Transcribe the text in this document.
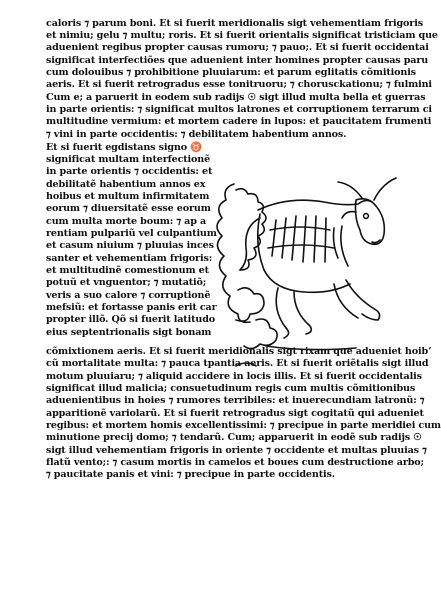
caloris ⁊ parum boni. Et si fuerit meridionalis sigt vehementiam frigoris
et nimiu; gelu ⁊ multu; roris. Et si fuerit orientalis significat tristiciam que
aduenient regibus propter causas rumoru; ⁊ pauo;. Et si fuerit occidentai
significat interfectiões que aduenient inter homines propter causas paru
cum dolouibus ⁊ prohibitione pluuiarum: et parum eglitatis cõmitionis
aeris. Et si fuerit retrogradus esse tonitruoru; ⁊ chorusckationu; ⁊ fulmini
Cum e; a paruerit in eodem sub radijs ☉ sigt illud multa bella et guerras
in parte orientis: ⁊ significat multos latrones et corruptionem terrarum ci
multitudine vermium: et mortem cadere in lupos: et paucitatem frumenti
⁊ vini in parte occidentis: ⁊ debilitatem habentium annos.
Et si fuerit egdistans signo ♉
significat multam interfectionẽ
in parte orientis ⁊ occidentis: et
debilitatẽ habentium annos ex
hoibus et multum infirmitatem
eorum ⁊ diuersitatẽ esse eorum
cum multa morte boum: ⁊ ap a
rentiam pulpariũ vel culpantium
et casum niuium ⁊ pluuias inces
santer et vehementiam frigoris:
et multitudinẽ comestionum et
potuũ et vnguentor; ⁊ mutatiõ;
veris a suo calore ⁊ corruptionẽ
mefsiũ: et fortasse panis erit car
propter illõ. Qõ si fuerit latitudo
eius septentrionalis sigt bonam
cõmixtionem aeris. Et si fuerit meridionalis sigt rixam que adueniet hoibʼ
cũ mortalitate multa: ⁊ pauca tpantia aeris. Et si fuerit oriẽtalis sigt illud
motum pluuiaru; ⁊ aliquid accidere in locis illis. Et si fuerit occidentalis
significat illud malicia; consuetudinum regis cum multis cõmitionibus
aduenientibus in hoies ⁊ rumores terribiles: et inuerecundiam latronũ: ⁊
apparitionẽ variolarũ. Et si fuerit retrogradus sigt cogitatũ qui adueniet
regibus: et mortem homis excellentissimi: ⁊ precipue in parte meridiei cum
minutione precij domo; ⁊ tendarũ. Cum; apparuerit in eodẽ sub radijs ☉
sigt illud vehementiam frigoris in oriente ⁊ occidente et multas pluuias ⁊
flatũ vento;: ⁊ casum mortis in camelos et boues cum destructione arbo;
⁊ paucitate panis et vini: ⁊ precipue in parte occidentis.
